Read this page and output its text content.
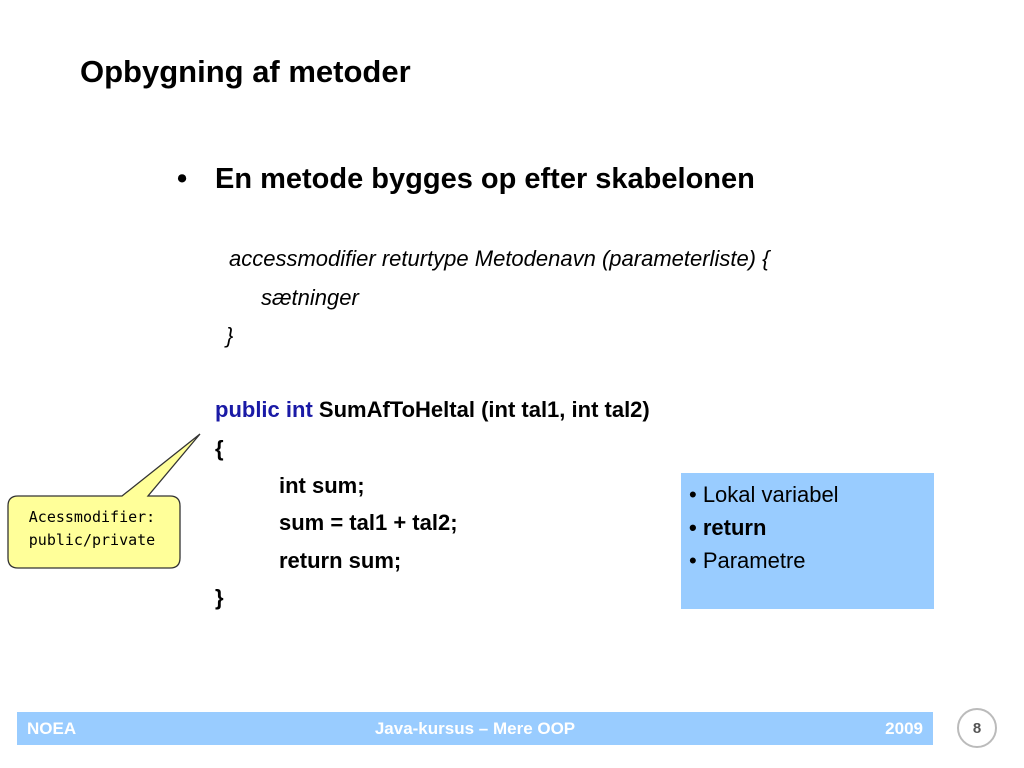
Opbygning af metoder
• En metode bygges op efter skabelonen
accessmodifier returtype Metodenavn (parameterliste) {
sætninger
}
public int SumAfToHeltal (int tal1, int tal2)
{
int sum;
sum = tal1 + tal2;
return sum;
}
• Lokal variabel
• return
• Parametre
Acessmodifier:
public/private
NOEA	Java-kursus – Mere OOP	2009	8
